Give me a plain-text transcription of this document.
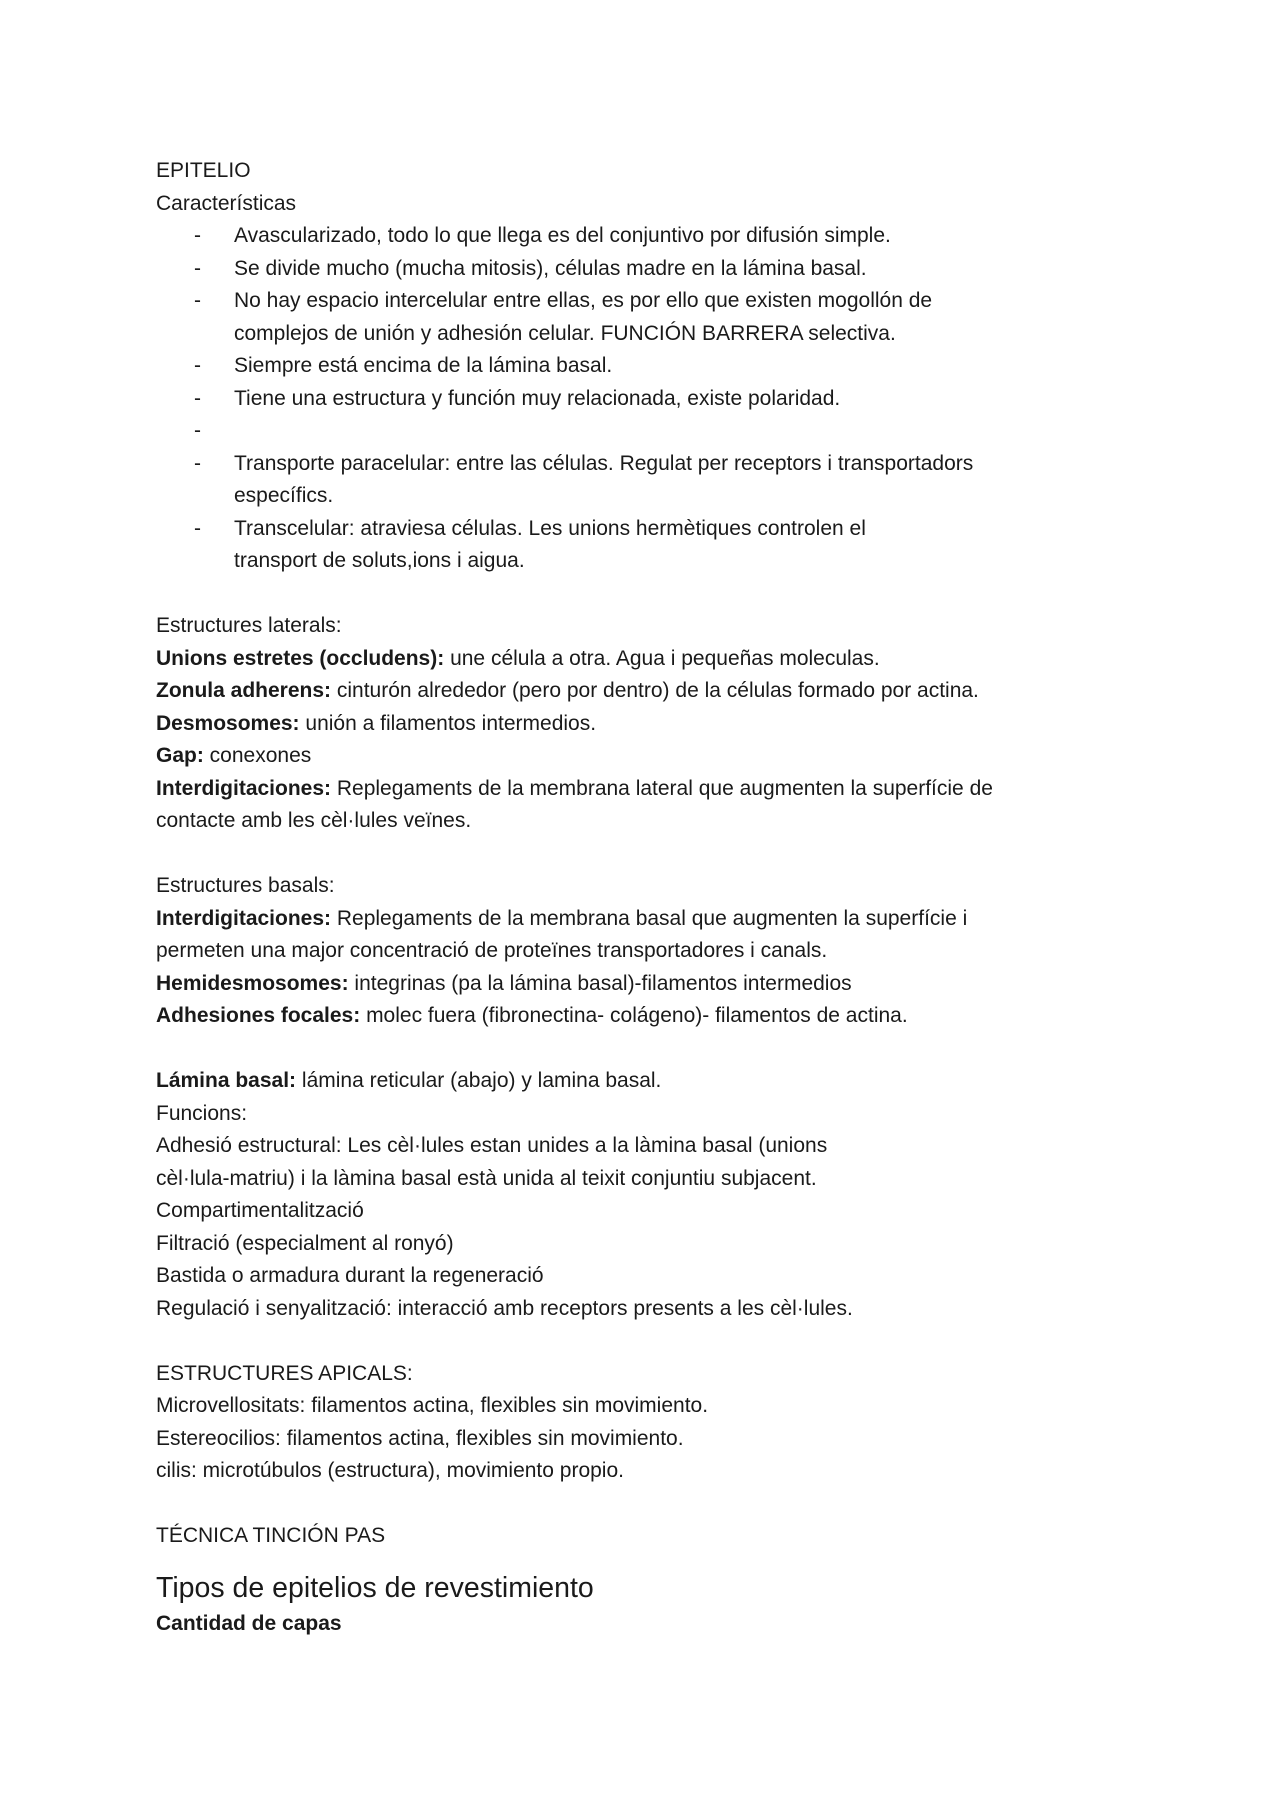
EPITELIO
Características
- Avascularizado, todo lo que llega es del conjuntivo por difusión simple.
- Se divide mucho (mucha mitosis), células madre en la lámina basal.
- No hay espacio intercelular entre ellas, es por ello que existen mogollón de
complejos de unión y adhesión celular. FUNCIÓN BARRERA selectiva.
- Siempre está encima de la lámina basal.
- Tiene una estructura y función muy relacionada, existe polaridad.
-
- Transporte paracelular: entre las células. Regulat per receptors i transportadors
específics.
- Transcelular: atraviesa células. Les unions hermètiques controlen el
transport de soluts,ions i aigua.
Estructures laterals:
Unions estretes (occludens): une célula a otra. Agua i pequeñas moleculas.
Zonula adherens: cinturón alrededor (pero por dentro) de la células formado por actina.
Desmosomes: unión a filamentos intermedios.
Gap: conexones
Interdigitaciones: Replegaments de la membrana lateral que augmenten la superfície de
contacte amb les cèl·lules veïnes.
Estructures basals:
Interdigitaciones: Replegaments de la membrana basal que augmenten la superfície i
permeten una major concentració de proteïnes transportadores i canals.
Hemidesmosomes: integrinas (pa la lámina basal)-filamentos intermedios
Adhesiones focales: molec fuera (fibronectina- colágeno)- filamentos de actina.
Lámina basal: lámina reticular (abajo) y lamina basal.
Funcions:
Adhesió estructural: Les cèl·lules estan unides a la làmina basal (unions
cèl·lula-matriu) i la làmina basal està unida al teixit conjuntiu subjacent.
Compartimentalització
Filtració (especialment al ronyó)
Bastida o armadura durant la regeneració
Regulació i senyalització: interacció amb receptors presents a les cèl·lules.
ESTRUCTURES APICALS:
Microvellositats: filamentos actina, flexibles sin movimiento.
Estereocilios: filamentos actina, flexibles sin movimiento.
cilis: microtúbulos (estructura), movimiento propio.
TÉCNICA TINCIÓN PAS
Tipos de epitelios de revestimiento
Cantidad de capas
